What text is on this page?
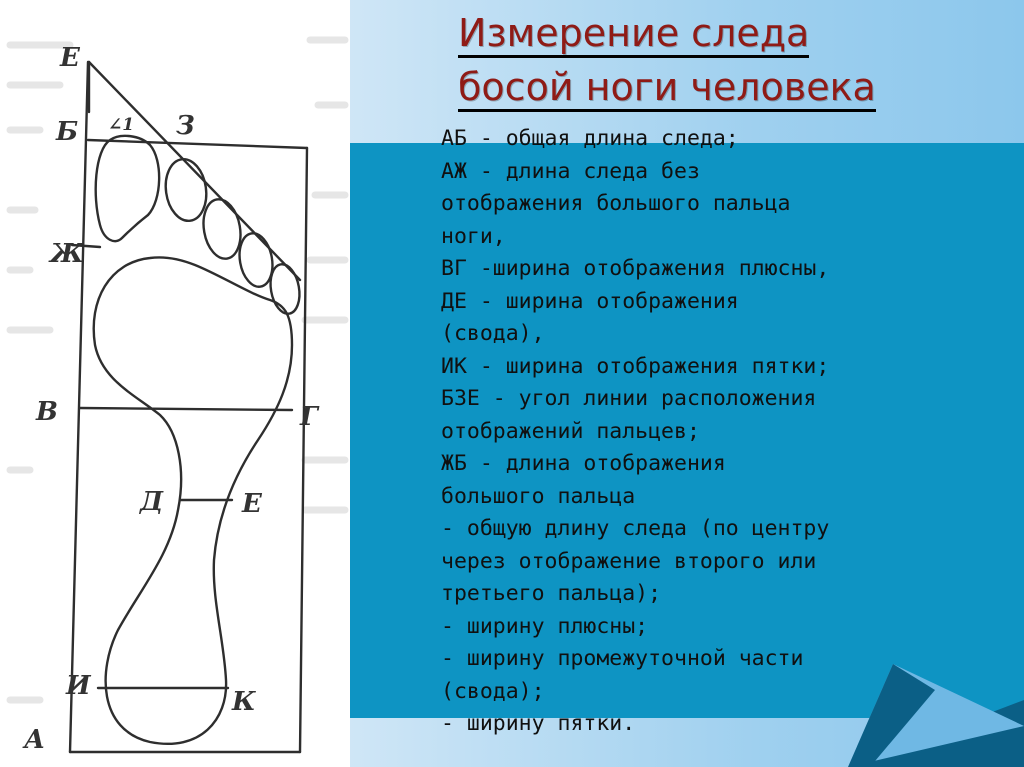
Е
Б	З
∠1
Ж
В	Г
Д	Е
И
К
А
Измерение следа
босой ноги человека
АБ - общая длина следа;
АЖ - длина следа без
отображения большого пальца
ноги,
ВГ -ширина отображения плюсны,
ДЕ - ширина отображения
(свода),
ИК - ширина отображения пятки;
БЗЕ - угол линии расположения
отображений пальцев;
ЖБ - длина отображения
большого пальца
- общую длину следа (по центру
через отображение второго или
третьего пальца);
- ширину плюсны;
- ширину промежуточной части
(свода);
- ширину пятки.
